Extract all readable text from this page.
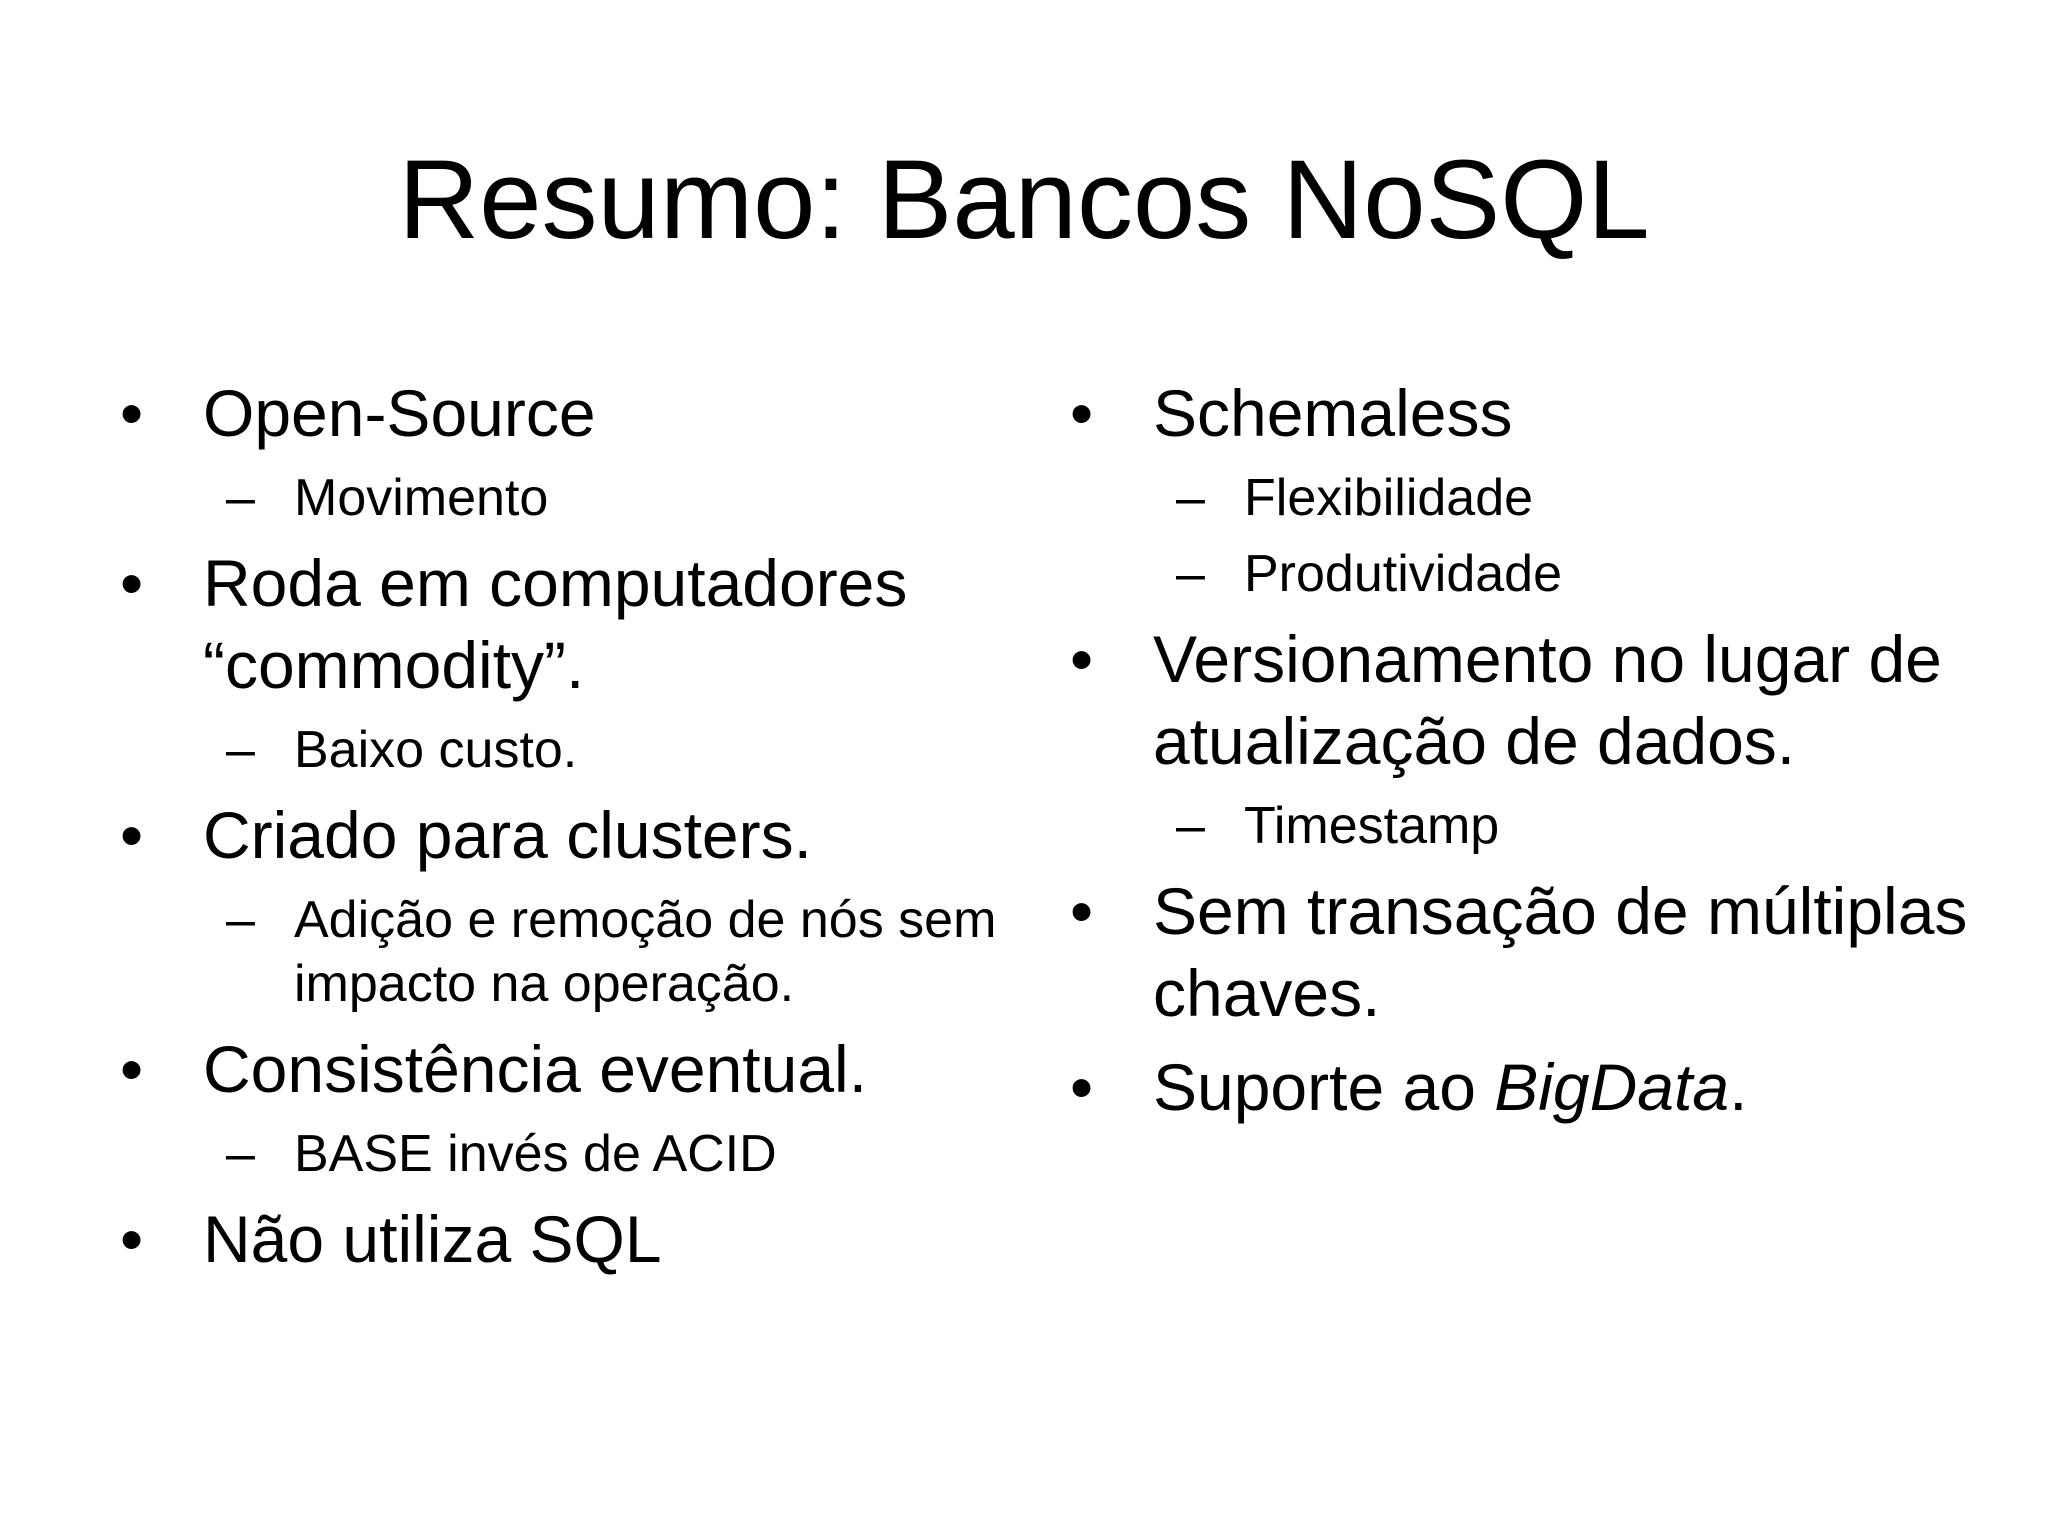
Resumo: Bancos NoSQL
• Open-Source
– Movimento
• Roda em computadores “commodity”.
– Baixo custo.
• Criado para clusters.
– Adição e remoção de nós sem impacto na operação.
• Consistência eventual.
– BASE invés de ACID
• Não utiliza SQL
• Schemaless
– Flexibilidade
– Produtividade
• Versionamento no lugar de atualização de dados.
– Timestamp
• Sem transação de múltiplas chaves.
• Suporte ao BigData.
